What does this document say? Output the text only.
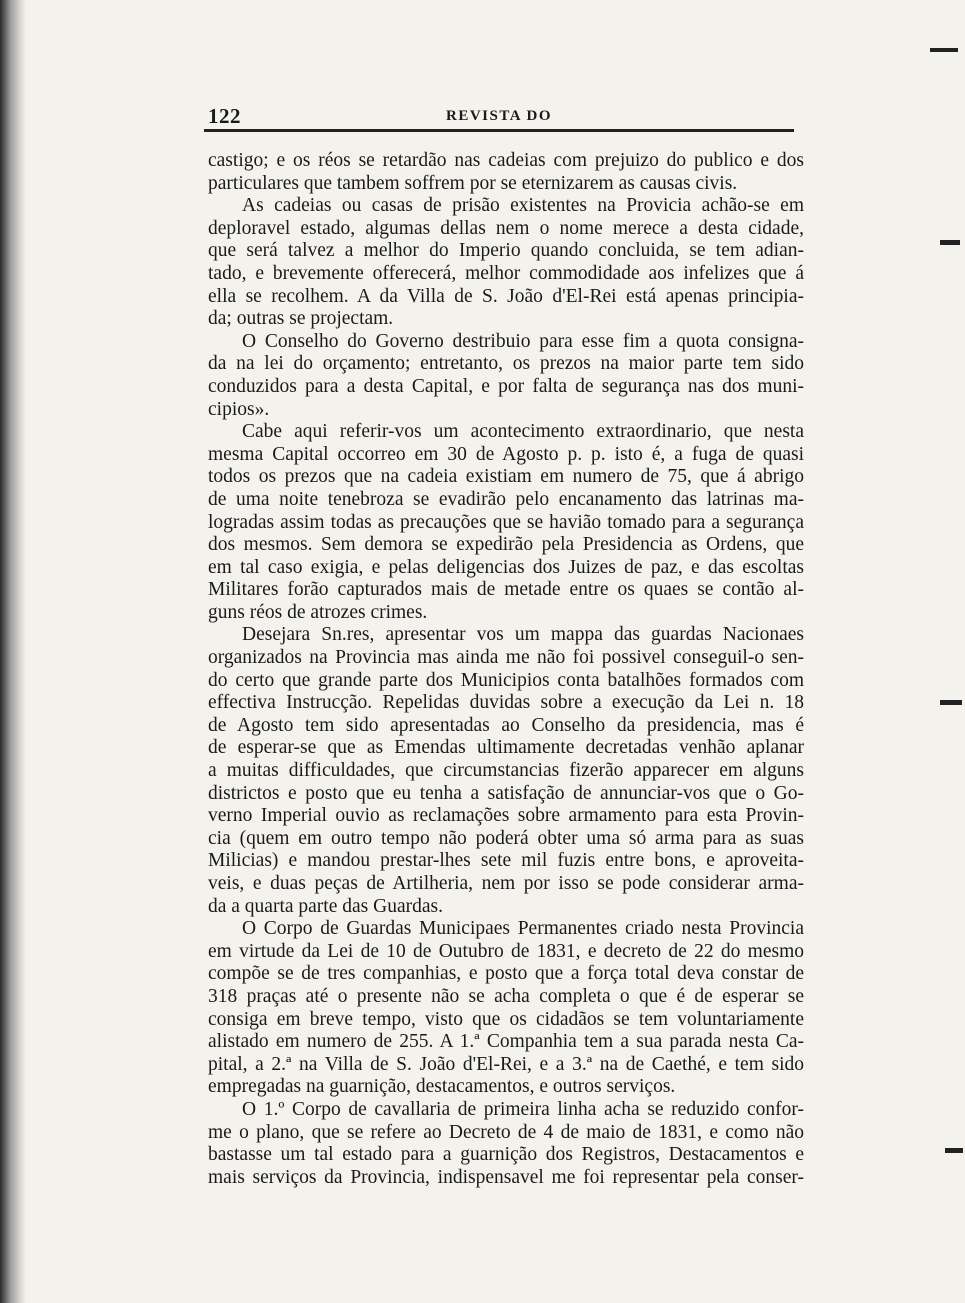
122	REVISTA DO
castigo; e os réos se retardão nas cadeias com prejuizo do publico e dos
particulares que tambem soffrem por se eternizarem as causas civis.
As cadeias ou casas de prisão existentes na Provicia achão-se em
deploravel estado, algumas dellas nem o nome merece a desta cidade,
que será talvez a melhor do Imperio quando concluida, se tem adian-
tado, e brevemente offerecerá, melhor commodidade aos infelizes que á
ella se recolhem. A da Villa de S. João d'El-Rei está apenas principia-
da; outras se projectam.
O Conselho do Governo destribuio para esse fim a quota consigna-
da na lei do orçamento; entretanto, os prezos na maior parte tem sido
conduzidos para a desta Capital, e por falta de segurança nas dos muni-
cipios».
Cabe aqui referir-vos um acontecimento extraordinario, que nesta
mesma Capital occorreo em 30 de Agosto p. p. isto é, a fuga de quasi
todos os prezos que na cadeia existiam em numero de 75, que á abrigo
de uma noite tenebroza se evadirão pelo encanamento das latrinas ma-
logradas assim todas as precauções que se havião tomado para a segurança
dos mesmos. Sem demora se expedirão pela Presidencia as Ordens, que
em tal caso exigia, e pelas deligencias dos Juizes de paz, e das escoltas
Militares forão capturados mais de metade entre os quaes se contão al-
guns réos de atrozes crimes.
Desejara Sn.res, apresentar vos um mappa das guardas Nacionaes
organizados na Provincia mas ainda me não foi possivel conseguil-o sen-
do certo que grande parte dos Municipios conta batalhões formados com
effectiva Instrucção. Repelidas duvidas sobre a execução da Lei n. 18
de Agosto tem sido apresentadas ao Conselho da presidencia, mas é
de esperar-se que as Emendas ultimamente decretadas venhão aplanar
a muitas difficuldades, que circumstancias fizerão apparecer em alguns
districtos e posto que eu tenha a satisfação de annunciar-vos que o Go-
verno Imperial ouvio as reclamações sobre armamento para esta Provin-
cia (quem em outro tempo não poderá obter uma só arma para as suas
Milicias) e mandou prestar-lhes sete mil fuzis entre bons, e aproveita-
veis, e duas peças de Artilheria, nem por isso se pode considerar arma-
da a quarta parte das Guardas.
O Corpo de Guardas Municipaes Permanentes criado nesta Provincia
em virtude da Lei de 10 de Outubro de 1831, e decreto de 22 do mesmo
compõe se de tres companhias, e posto que a força total deva constar de
318 praças até o presente não se acha completa o que é de esperar se
consiga em breve tempo, visto que os cidadãos se tem voluntariamente
alistado em numero de 255. A 1.ª Companhia tem a sua parada nesta Ca-
pital, a 2.ª na Villa de S. João d'El-Rei, e a 3.ª na de Caethé, e tem sido
empregadas na guarnição, destacamentos, e outros serviços.
O 1.º Corpo de cavallaria de primeira linha acha se reduzido confor-
me o plano, que se refere ao Decreto de 4 de maio de 1831, e como não
bastasse um tal estado para a guarnição dos Registros, Destacamentos e
mais serviços da Provincia, indispensavel me foi representar pela conser-
